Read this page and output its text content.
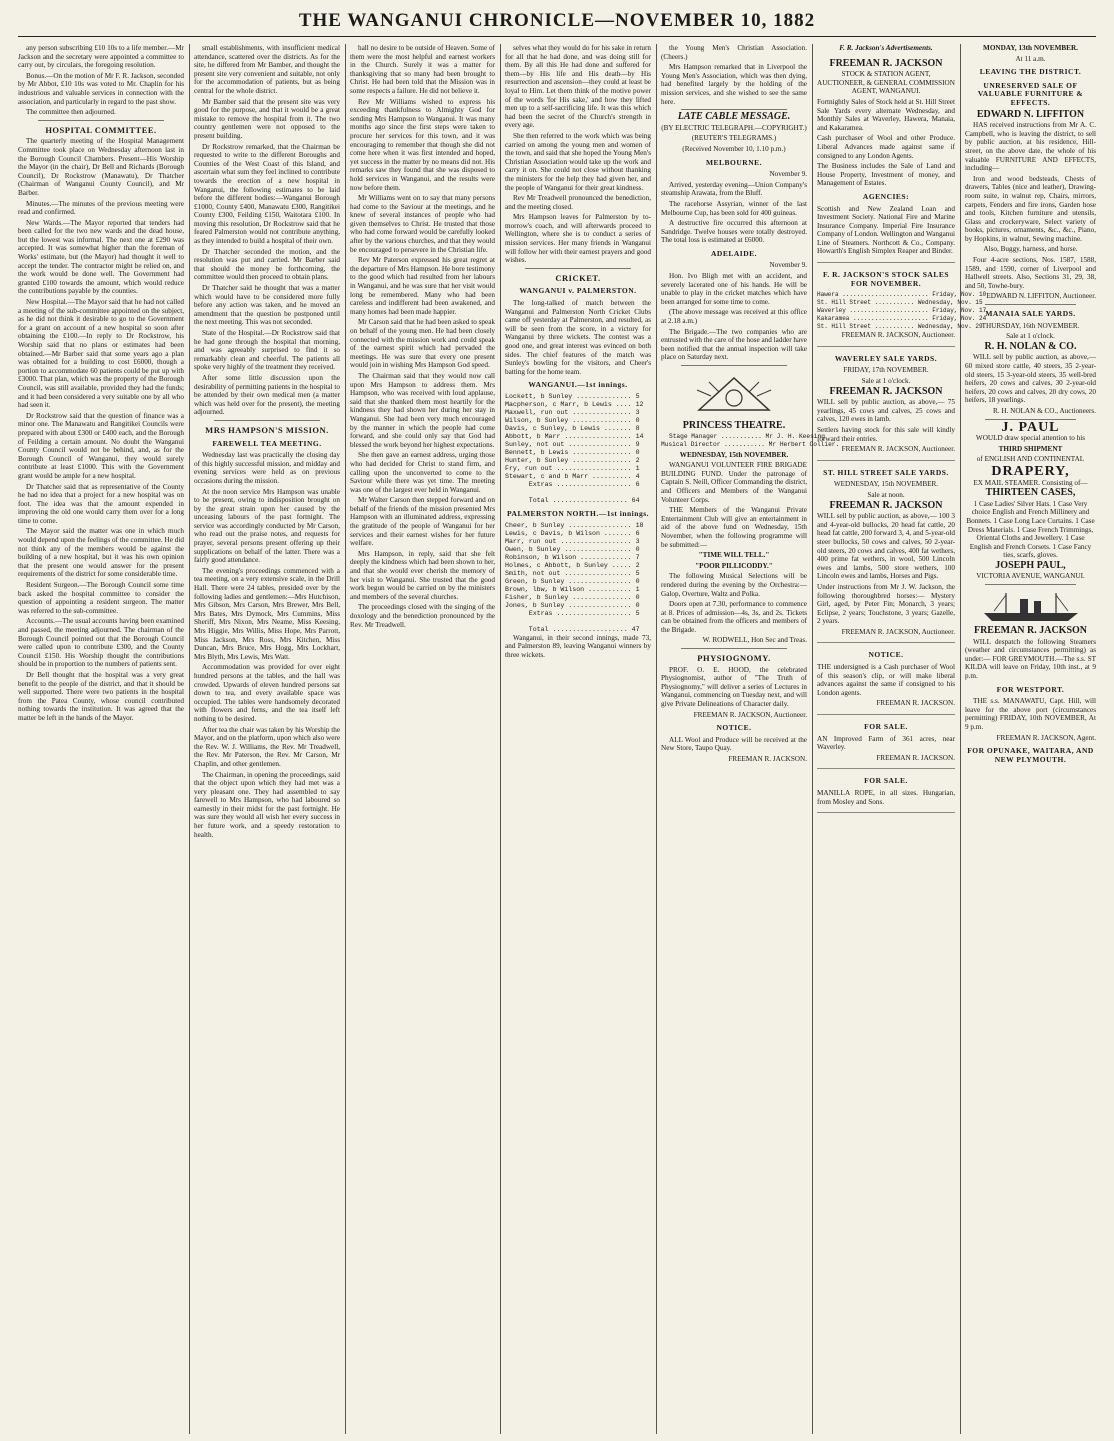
THE WANGANUI CHRONICLE—NOVEMBER 10, 1882

any person subscribing £10 10s to a life member.—Mr Jackson and the secretary were appointed a committee to carry out, by circulars, the foregoing resolution.

Bonus.—On the motion of Mr F. R. Jackson, seconded by Mr Abbot, £10 10s was voted to Mr. Chaplin for his industrious and valuable services in connection with the association, and particularly in regard to the past show.

The committee then adjourned.

HOSPITAL COMMITTEE.

The quarterly meeting of the Hospital Management Committee took place on Wednesday afternoon last in the Borough Council Chambers. Present—His Worship the Mayor (in the chair), Dr Bell and Richards (Borough Council), Dr Rockstrow (Manawatu), Dr Thatcher (Chairman of Wanganui County Council), and Mr Barber.

Minutes.—The minutes of the previous meeting were read and confirmed.

New Wards.—The Mayor reported that tenders had been called for the two new wards and the dead house, but the lowest was informal. The next one at £290 was accepted. It was somewhat higher than the foreman of Works' estimate, but (the Mayor) had thought it well to accept the tender. The contractor might be relied on, and the work would be done well. The Government had granted £100 towards the amount, which would reduce the contributions payable by the counties.

New Hospital.—The Mayor said that he had not called a meeting of the sub-committee appointed on the subject, as he did not think it desirable to go to the Government for a grant on account of a new hospital so soon after obtaining the £100.—In reply to Dr Rockstrow, his Worship said that no plans or estimates had been obtained.—Mr Barber said that some years ago a plan was obtained for a building to cost £6000, though a portion to accommodate 60 patients could be put up with £3000. That plan, which was the property of the Borough Council, was still available, provided they had the funds; and it had been considered a very suitable one by all who had seen it.

Dr Rockstrow said that the question of finance was a minor one. The Manawatu and Rangitikei Councils were prepared with about £300 or £400 each, and the Borough of Feilding a certain amount. No doubt the Wanganui County Council would not be behind, and, as for the Borough Council of Wanganui, they would surely contribute at least £1000. This with the Government grant would be ample for a new hospital.

Dr Thatcher said that as representative of the County he had no idea that a project for a new hospital was on foot. The idea was that the amount expended in improving the old one would carry them over for a long time to come.

The Mayor said the matter was one in which much would depend upon the feelings of the committee. He did not think any of the members would be against the building of a new hospital, but it was his own opinion that the present one would answer for the present requirements of the district for some considerable time.

Resident Surgeon.—The Borough Council some time back asked the hospital committee to consider the question of appointing a resident surgeon. The matter was referred to the sub-committee.

Accounts.—The usual accounts having been examined and passed, the meeting adjourned. The chairman of the Borough Council pointed out that the Borough Council were called upon to contribute £300, and the County Council £150. His Worship thought the contributions should be in proportion to the numbers of patients sent.

Dr Bell thought that the hospital was a very great benefit to the people of the district, and that it should be well supported. There were two patients in the hospital from the Patea County, whose council contributed nothing towards the institution. It was agreed that the matter be left in the hands of the Mayor.

small establishments, with insufficient medical attendance, scattered over the districts. As for the site, he differed from Mr Bamber, and thought the present site very convenient and suitable, not only for the accommodation of patients, but as being central for the whole district.

Mr Bamber said that the present site was very good for the purpose, and that it would be a great mistake to remove the hospital from it. The two country gentlemen were not opposed to the present building.

Dr Rockstrow remarked, that the Chairman be requested to write to the different Boroughs and Counties of the West Coast of this Island, and ascertain what sum they feel inclined to contribute towards the erection of a new hospital in Wanganui, the following estimates to be laid before the different bodies:—Wanganui Borough £1000, County £400, Manawatu £300, Rangitikei County £300, Feilding £150, Waitotara £100. In moving this resolution, Dr Rockstrow said that he feared Palmerston would not contribute anything, as they intended to build a hospital of their own.

Dr Thatcher seconded the motion, and the resolution was put and carried. Mr Barber said that should the money be forthcoming, the committee would then proceed to obtain plans.

Dr Thatcher said he thought that was a matter which would have to be considered more fully before any action was taken, and he moved an amendment that the question be postponed until the next meeting. This was not seconded.

State of the Hospital.—Dr Rockstrow said that he had gone through the hospital that morning, and was agreeably surprised to find it so remarkably clean and cheerful. The patients all spoke very highly of the treatment they received.

After some little discussion upon the desirability of permitting patients in the hospital to be attended by their own medical men (a matter which was held over for the present), the meeting adjourned.

MRS HAMPSON'S MISSION.
FAREWELL TEA MEETING.

Wednesday last was practically the closing day of this highly successful mission, and midday and evening services were held as on previous occasions during the mission.

At the noon service Mrs Hampson was unable to be present, owing to indisposition brought on by the great strain upon her caused by the unceasing labours of the past fortnight. The service was accordingly conducted by Mr Carson, who read out the praise notes, and requests for prayer, several persons present offering up their supplications on behalf of the latter. There was a fairly good attendance.

The evening's proceedings commenced with a tea meeting, on a very extensive scale, in the Drill Hall. There were 24 tables, presided over by the following ladies and gentlemen:—Mrs Hutchison, Mrs Gibson, Mrs Carson, Mrs Brewer, Mrs Bell, Mrs Bates, Mrs Dymock, Mrs Cummins, Miss Sheriff, Mrs Nixon, Mrs Neame, Miss Keesing, Mrs Higgie, Mrs Willis, Miss Hope, Mrs Parrott, Miss Jackson, Mrs Ross, Mrs Kitchen, Miss Duncan, Mrs Bruce, Mrs Hogg, Mrs Lockhart, Mrs Blyth, Mrs Lewis, Mrs Watt.

Accommodation was provided for over eight hundred persons at the tables, and the hall was crowded. Upwards of eleven hundred persons sat down to tea, and every available space was occupied. The tables were handsomely decorated with flowers and ferns, and the tea itself left nothing to be desired.

After tea the chair was taken by his Worship the Mayor, and on the platform, upon which also were the Rev. W. J. Williams, the Rev. Mr Treadwell, the Rev. Mr Paterson, the Rev. Mr Carson, Mr Chaplin, and other gentlemen.

The Chairman, in opening the proceedings, said that the object upon which they had met was a very pleasant one. They had assembled to say farewell to Mrs Hampson, who had laboured so earnestly in their midst for the past fortnight. He was sure they would all wish her every success in her future work, and a speedy restoration to health.

hall no desire to be outside of Heaven. Some of them were the most helpful and earnest workers in the Church. Surely it was a matter for thanksgiving that so many had been brought to Christ. He had been told that the Mission was in some respects a failure. He did not believe it.

Rev Mr Williams wished to express his exceeding thankfulness to Almighty God for sending Mrs Hampson to Wanganui. It was many months ago since the first steps were taken to procure her services for this town, and it was encouraging to remember that though she did not come here when it was first intended and hoped, yet success in the matter by no means did not. His remarks saw they found that she was disposed to hold services in Wanganui, and the results were now before them.

Mr Williams went on to say that many persons had come to the Saviour at the meetings, and he knew of several instances of people who had given themselves to Christ. He trusted that those who had come forward would be carefully looked after by the various churches, and that they would be encouraged to persevere in the Christian life.

Rev Mr Paterson expressed his great regret at the departure of Mrs Hampson. He bore testimony to the good which had resulted from her labours in Wanganui, and he was sure that her visit would long be remembered. Many who had been careless and indifferent had been awakened, and many homes had been made happier.

Mr Carson said that he had been asked to speak on behalf of the young men. He had been closely connected with the mission work and could speak of the earnest spirit which had pervaded the meetings. He was sure that every one present would join in wishing Mrs Hampson God speed.

The Chairman said that they would now call upon Mrs Hampson to address them. Mrs Hampson, who was received with loud applause, said that she thanked them most heartily for the kindness they had shown her during her stay in Wanganui. She had been very much encouraged by the manner in which the people had come forward, and she could only say that God had blessed the work beyond her highest expectations.

She then gave an earnest address, urging those who had decided for Christ to stand firm, and calling upon the unconverted to come to the Saviour while there was yet time. The meeting was one of the largest ever held in Wanganui.

Mr Walter Carson then stepped forward and on behalf of the friends of the mission presented Mrs Hampson with an illuminated address, expressing the gratitude of the people of Wanganui for her services and their earnest wishes for her future welfare.

Mrs Hampson, in reply, said that she felt deeply the kindness which had been shown to her, and that she would ever cherish the memory of her visit to Wanganui. She trusted that the good work begun would be carried on by the ministers and members of the several churches.

The proceedings closed with the singing of the doxology and the benediction pronounced by the Rev. Mr Treadwell.

selves what they would do for his sake in return for all that he had done, and was doing still for them. By all this He had done and suffered for them—by His life and His death—by His resurrection and ascension—they could at least be loyal to Him. Let them think of the motive power of the words 'for His sake,' and how they lifted men up to a self-sacrificing life. It was this which had been the secret of the Church's strength in every age.

She then referred to the work which was being carried on among the young men and women of the town, and said that she hoped the Young Men's Christian Association would take up the work and carry it on. She could not close without thanking the ministers for the help they had given her, and the people of Wanganui for their great kindness.

Rev Mr Treadwell pronounced the benediction, and the meeting closed.

Mrs Hampson leaves for Palmerston by to-morrow's coach, and will afterwards proceed to Wellington, where she is to conduct a series of mission services. Her many friends in Wanganui will follow her with their earnest prayers and good wishes.

CRICKET.
WANGANUI v. PALMERSTON.

The long-talked of match between the Wanganui and Palmerston North Cricket Clubs came off yesterday at Palmerston, and resulted, as will be seen from the score, in a victory for Wanganui by three wickets. The contest was a good one, and great interest was evinced on both sides. The chief features of the match was Sunley's bowling for the visitors, and Cheer's batting for the home team.

WANGANUI.—1st innings.
Lockett, b Sunley .............. 5
Macpherson, c Marr, b Lewis .... 12
Maxwell, run out ............... 3
Wilson, b Sunley ............... 0
Davis, c Sunley, b Lewis ....... 8
Abbott, b Marr ................. 14
Sunley, not out ................ 9
Bennett, b Lewis ............... 0
Hunter, b Sunley ............... 2
Fry, run out ................... 1
Stewart, c and b Marr .......... 4
Extras ................... 6

Total ................... 64
PALMERSTON NORTH.—1st innings.
Cheer, b Sunley ................ 18
Lewis, c Davis, b Wilson ....... 6
Marr, run out .................. 3
Owen, b Sunley ................. 0
Robinson, b Wilson ............. 7
Holmes, c Abbott, b Sunley ..... 2
Smith, not out ................. 5
Green, b Sunley ................ 0
Brown, lbw, b Wilson ........... 1
Fisher, b Sunley ............... 0
Jones, b Sunley ................ 0
Extras ................... 5

Total ................... 47

Wanganui, in their second innings, made 73, and Palmerston 89, leaving Wanganui winners by three wickets.

the Young Men's Christian Association. (Cheers.)

Mrs Hampson remarked that in Liverpool the Young Men's Association, which was then dying, had benefited largely by the holding of the mission services, and she wished to see the same here.

LATE CABLE MESSAGE.

(BY ELECTRIC TELEGRAPH.—COPYRIGHT.)

(REUTER'S TELEGRAMS.)

(Received November 10, 1.10 p.m.)

MELBOURNE.

November 9.

Arrived, yesterday evening—Union Company's steamship Arawata, from the Bluff.

The racehorse Assyrian, winner of the last Melbourne Cup, has been sold for 400 guineas.

A destructive fire occurred this afternoon at Sandridge. Twelve houses were totally destroyed. The total loss is estimated at £6000.

ADELAIDE.

November 9.

Hon. Ivo Bligh met with an accident, and severely lacerated one of his hands. He will be unable to play in the cricket matches which have been arranged for some time to come.

(The above message was received at this office at 2.18 a.m.)

The Brigade.—The two companies who are entrusted with the care of the hose and ladder have been notified that the annual inspection will take place on Saturday next.

PRINCESS THEATRE.

Stage Manager ........... Mr J. H. Keesing
Musical Director ........... Mr Herbert Collier.

WEDNESDAY, 15th NOVEMBER.

WANGANUI VOLUNTEER FIRE BRIGADE BUILDING FUND. Under the patronage of Captain S. Neill, Officer Commanding the district, and Officers and Members of the Wanganui Volunteer Corps.

THE Members of the Wanganui Private Entertainment Club will give an entertainment in aid of the above fund on Wednesday, 15th November, when the following programme will be submitted:—

"TIME WILL TELL."

"POOR PILLICODDY."

The following Musical Selections will be rendered during the evening by the Orchestra:—Galop, Overture, Waltz and Polka.

Doors open at 7.30, performance to commence at 8. Prices of admission—4s, 3s, and 2s. Tickets can be obtained from the officers and members of the Brigade.

W. RODWELL, Hon Sec and Treas.

PHYSIOGNOMY.

PROF. O. E. HOOD, the celebrated Physiognomist, author of "The Truth of Physiognomy," will deliver a series of Lectures in Wanganui, commencing on Tuesday next, and will give Private Delineations of Character daily.

FREEMAN R. JACKSON, Auctioneer.

NOTICE.

ALL Wool and Produce will be received at the New Store, Taupo Quay.

FREEMAN R. JACKSON.

F. R. Jackson's Advertisements.

FREEMAN R. JACKSON

STOCK & STATION AGENT, AUCTIONEER, & GENERAL COMMISSION AGENT, WANGANUI.

Fortnightly Sales of Stock held at St. Hill Street Sale Yards every alternate Wednesday, and Monthly Sales at Waverley, Hawera, Manaia, and Kakaramea.

Cash purchaser of Wool and other Produce. Liberal Advances made against same if consigned to any London Agents.

The Business includes the Sale of Land and House Property, Investment of money, and Management of Estates.

AGENCIES:

Scottish and New Zealand Loan and Investment Society. National Fire and Marine Insurance Company. Imperial Fire Insurance Company of London. Wellington and Wanganui Line of Steamers. Northcott & Co., Company. Howarth's English Simplex Reaper and Binder.

F. R. JACKSON'S STOCK SALES FOR NOVEMBER.
Hawera ........................ Friday, Nov. 10
St. Hill Street ........... Wednesday, Nov. 15
Waverley ...................... Friday, Nov. 17
Kakaramea ..................... Friday, Nov. 24
St. Hill Street ........... Wednesday, Nov. 29

FREEMAN R. JACKSON, Auctioneer.

WAVERLEY SALE YARDS.

FRIDAY, 17th NOVEMBER.

Sale at 1 o'clock.

FREEMAN R. JACKSON

WILL sell by public auction, as above,— 75 yearlings, 45 cows and calves, 25 cows and calves, 120 ewes in lamb.

Settlers having stock for this sale will kindly forward their entries.

FREEMAN R. JACKSON, Auctioneer.

ST. HILL STREET SALE YARDS.

WEDNESDAY, 15th NOVEMBER.

Sale at noon.

FREEMAN R. JACKSON

WILL sell by public auction, as above,— 100 3 and 4-year-old bullocks, 20 head fat cattle, 20 head fat cattle, 200 forward 3, 4, and 5-year-old steer bullocks, 50 cows and calves, 50 2-year-old steers, 20 cows and calves, 400 fat wethers, 400 prime fat wethers, in wool, 500 Lincoln ewes and lambs, 500 store wethers, 100 Lincoln ewes and lambs, Horses and Pigs.

Under instructions from Mr J. W. Jackson, the following thoroughbred horses:— Mystery Girl, aged, by Peter Fin; Monarch, 3 years; Eclipse, 2 years; Touchstone, 3 years; Gazelle, 2 years.

FREEMAN R. JACKSON, Auctioneer.

NOTICE.

THE undersigned is a Cash purchaser of Wool of this season's clip, or will make liberal advances against the same if consigned to his London agents.

FREEMAN R. JACKSON.

FOR SALE.

AN Improved Farm of 361 acres, near Waverley.

FREEMAN R. JACKSON.

FOR SALE.

MANILLA ROPE, in all sizes. Hungarian, from Mosley and Sons.

MONDAY, 13th NOVEMBER.

At 11 a.m.

LEAVING THE DISTRICT.
UNRESERVED SALE OF VALUABLE FURNITURE & EFFECTS.
EDWARD N. LIFFITON

HAS received instructions from Mr A. C. Campbell, who is leaving the district, to sell by public auction, at his residence, Hill-street, on the above date, the whole of his valuable FURNITURE AND EFFECTS, including—

Iron and wood bedsteads, Chests of drawers, Tables (nice and leather), Drawing-room suite, in walnut rep, Chairs, mirrors, carpets, Fenders and fire irons, Garden hose and tools, Kitchen furniture and utensils, Glass and crockeryware, Select variety of books, pictures, ornaments, &c., &c., Piano, by Hopkins, in walnut, Sewing machine.

Also, Buggy, harness, and horse.

Four 4-acre sections, Nos. 1587, 1588, 1589, and 1590, corner of Liverpool and Hallwell streets. Also, Sections 31, 29, 38, and 50, Towhe-bury.

EDWARD N. LIFFITON, Auctioneer.

MANAIA SALE YARDS.

THURSDAY, 16th NOVEMBER.

Sale at 1 o'clock.

R. H. NOLAN & CO.

WILL sell by public auction, as above,— 60 mixed store cattle, 40 steers, 35 2-year-old steers, 15 3-year-old steers, 35 well-bred heifers, 20 cows and calves, 30 2-year-old heifers, 20 cows and calves, 20 dry cows, 20 heifers, 18 yearlings.

R. H. NOLAN & CO., Auctioneers.

J. PAUL

WOULD draw special attention to his

THIRD SHIPMENT

of ENGLISH AND CONTINENTAL

DRAPERY,

EX MAIL STEAMER. Consisting of—

THIRTEEN CASES,

1 Case Ladies' Silver Hats. 1 Case Very choice English and French Millinery and Bonnets. 1 Case Long Lace Curtains. 1 Case Dress Materials. 1 Case French Trimmings, Oriental Cloths and Jewellery. 1 Case English and French Corsets. 1 Case Fancy ties, scarfs, gloves.

JOSEPH PAUL,

VICTORIA AVENUE, WANGANUI.

FREEMAN R. JACKSON

WILL despatch the following Steamers (weather and circumstances permitting) as under:— FOR GREYMOUTH.—The s.s. ST KILDA will leave on Friday, 10th inst., at 9 p.m.

FOR WESTPORT.

THE s.s. MANAWATU, Capt. Hill, will leave for the above port (circumstances permitting) FRIDAY, 10th NOVEMBER, At 9 p.m.

FREEMAN R. JACKSON, Agent.

FOR OPUNAKE, WAITARA, AND NEW PLYMOUTH.
